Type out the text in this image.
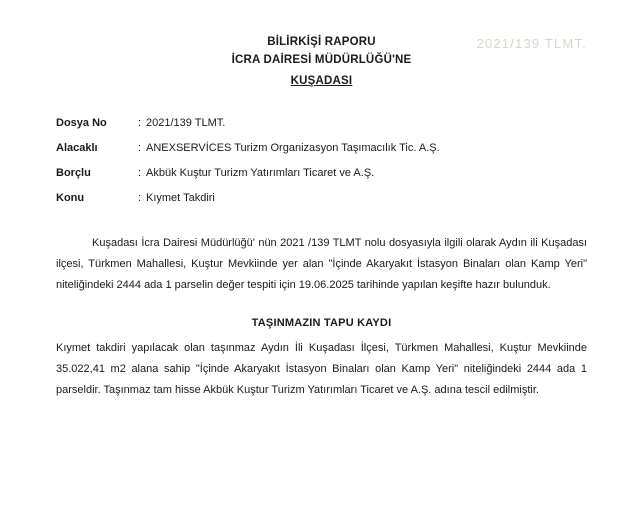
2021/139 TLMT.
BİLİRKİŞİ RAPORU
İCRA DAİRESİ MÜDÜRLÜĞÜ'NE
KUŞADASI
Dosya No	: 2021/139 TLMT.
Alacaklı	: ANEXSERVİCES Turizm Organizasyon Taşımacılık Tic. A.Ş.
Borçlu	: Akbük Kuştur Turizm Yatırımları Ticaret ve A.Ş.
Konu	: Kıymet Takdiri
Kuşadası İcra Dairesi Müdürlüğü' nün 2021 /139 TLMT nolu dosyasıyla ilgili olarak Aydın ili Kuşadası ilçesi, Türkmen Mahallesi, Kuştur Mevkiinde yer alan "İçinde Akaryakıt İstasyon Binaları olan Kamp Yeri" niteliğindeki 2444 ada 1 parselin değer tespiti için 19.06.2025 tarihinde yapılan keşifte hazır bulunduk.
TAŞINMAZIN TAPU KAYDI
Kıymet takdiri yapılacak olan taşınmaz Aydın İli Kuşadası İlçesi, Türkmen Mahallesi, Kuştur Mevkiinde 35.022,41 m2 alana sahip "İçinde Akaryakıt İstasyon Binaları olan Kamp Yeri" niteliğindeki 2444 ada 1 parseldir. Taşınmaz tam hisse Akbük Kuştur Turizm Yatırımları Ticaret ve A.Ş. adına tescil edilmiştir.
